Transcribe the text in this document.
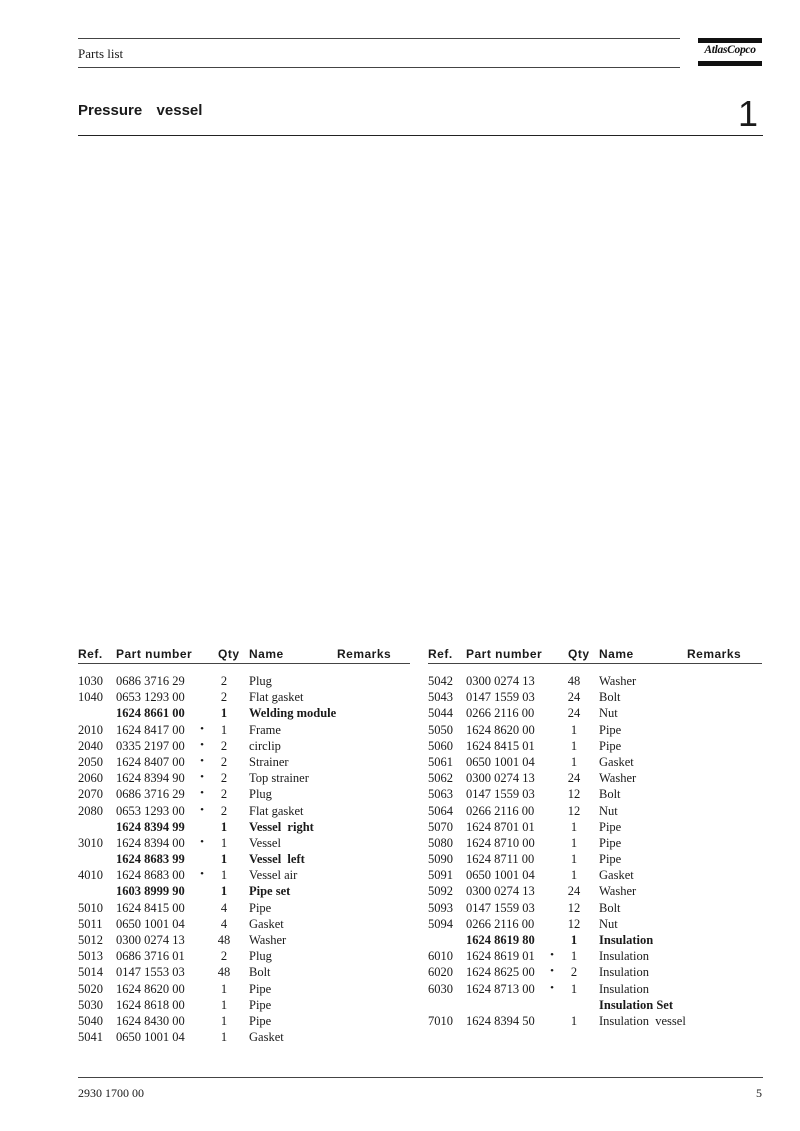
Parts list	AtlasCopco
Pressure  vessel	1
Ref. Part number Qty Name	Remarks
1030 0686 3716 29	2	Plug
1040 0653 1293 00	2	Flat gasket
1624 8661 00	1	Welding module
2010 1624 8417 00 •	1	Frame
2040 0335 2197 00 •	2	circlip
2050 1624 8407 00 •	2	Strainer
2060 1624 8394 90 •	2	Top strainer
2070 0686 3716 29 •	2	Plug
2080 0653 1293 00 •	2	Flat gasket
1624 8394 99	1	Vessel  right
3010 1624 8394 00 •	1	Vessel
1624 8683 99	1	Vessel  left
4010 1624 8683 00 •	1	Vessel air
1603 8999 90	1	Pipe set
5010 1624 8415 00	4	Pipe
5011 0650 1001 04	4	Gasket
5012 0300 0274 13	48 Washer
5013 0686 3716 01	2	Plug
5014 0147 1553 03	48 Bolt
5020 1624 8620 00	1	Pipe
5030 1624 8618 00	1	Pipe
5040 1624 8430 00	1	Pipe
5041 0650 1001 04	1	Gasket
Ref. Part number Qty Name	Remarks
5042 0300 0274 13	48 Washer
5043 0147 1559 03	24 Bolt
5044 0266 2116 00	24 Nut
5050 1624 8620 00	1	Pipe
5060 1624 8415 01	1	Pipe
5061 0650 1001 04	1	Gasket
5062 0300 0274 13	24 Washer
5063 0147 1559 03	12 Bolt
5064 0266 2116 00	12 Nut
5070 1624 8701 01	1	Pipe
5080 1624 8710 00	1	Pipe
5090 1624 8711 00	1	Pipe
5091 0650 1001 04	1	Gasket
5092 0300 0274 13	24 Washer
5093 0147 1559 03	12 Bolt
5094 0266 2116 00	12 Nut
1624 8619 80	1	Insulation
6010 1624 8619 01 •	1	Insulation
6020 1624 8625 00 •	2	Insulation
6030 1624 8713 00 •	1	Insulation
Insulation Set
7010 1624 8394 50	1	Insulation  vessel
2930 1700 00	5
